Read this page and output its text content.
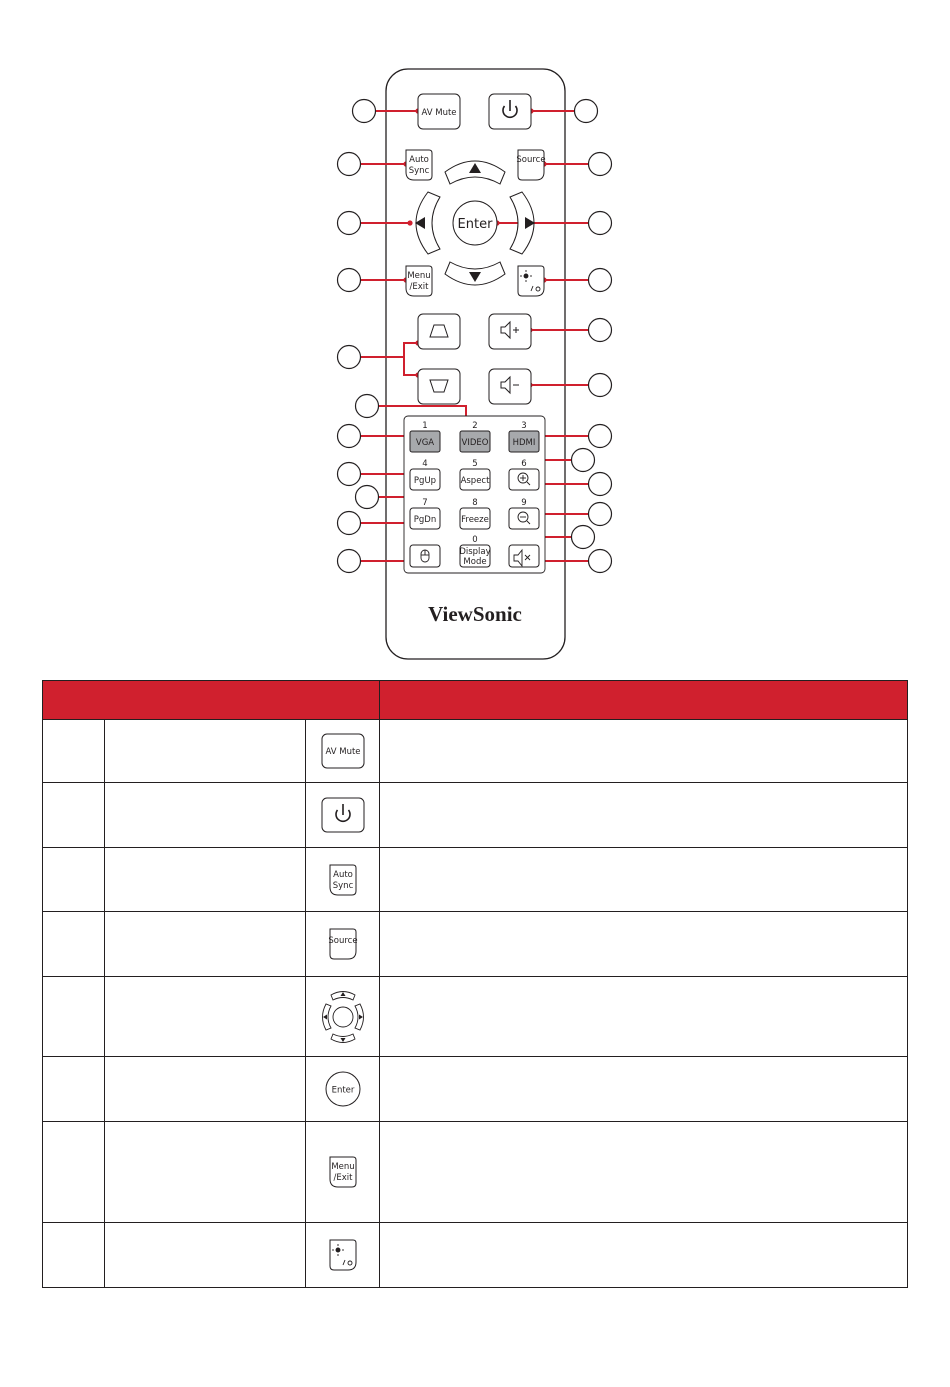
AV Mute
Auto
Sync
Source
Enter
Menu
/Exit
1	2	3
VGA	VIDEO	HDMI
4	5	6
PgUp	Aspect
7	8	9
PgDn	Freeze
0
Display
Mode
ViewSonic

AV Mute	

Auto
Sync	

Source	

Enter	

Menu
/Exit	
